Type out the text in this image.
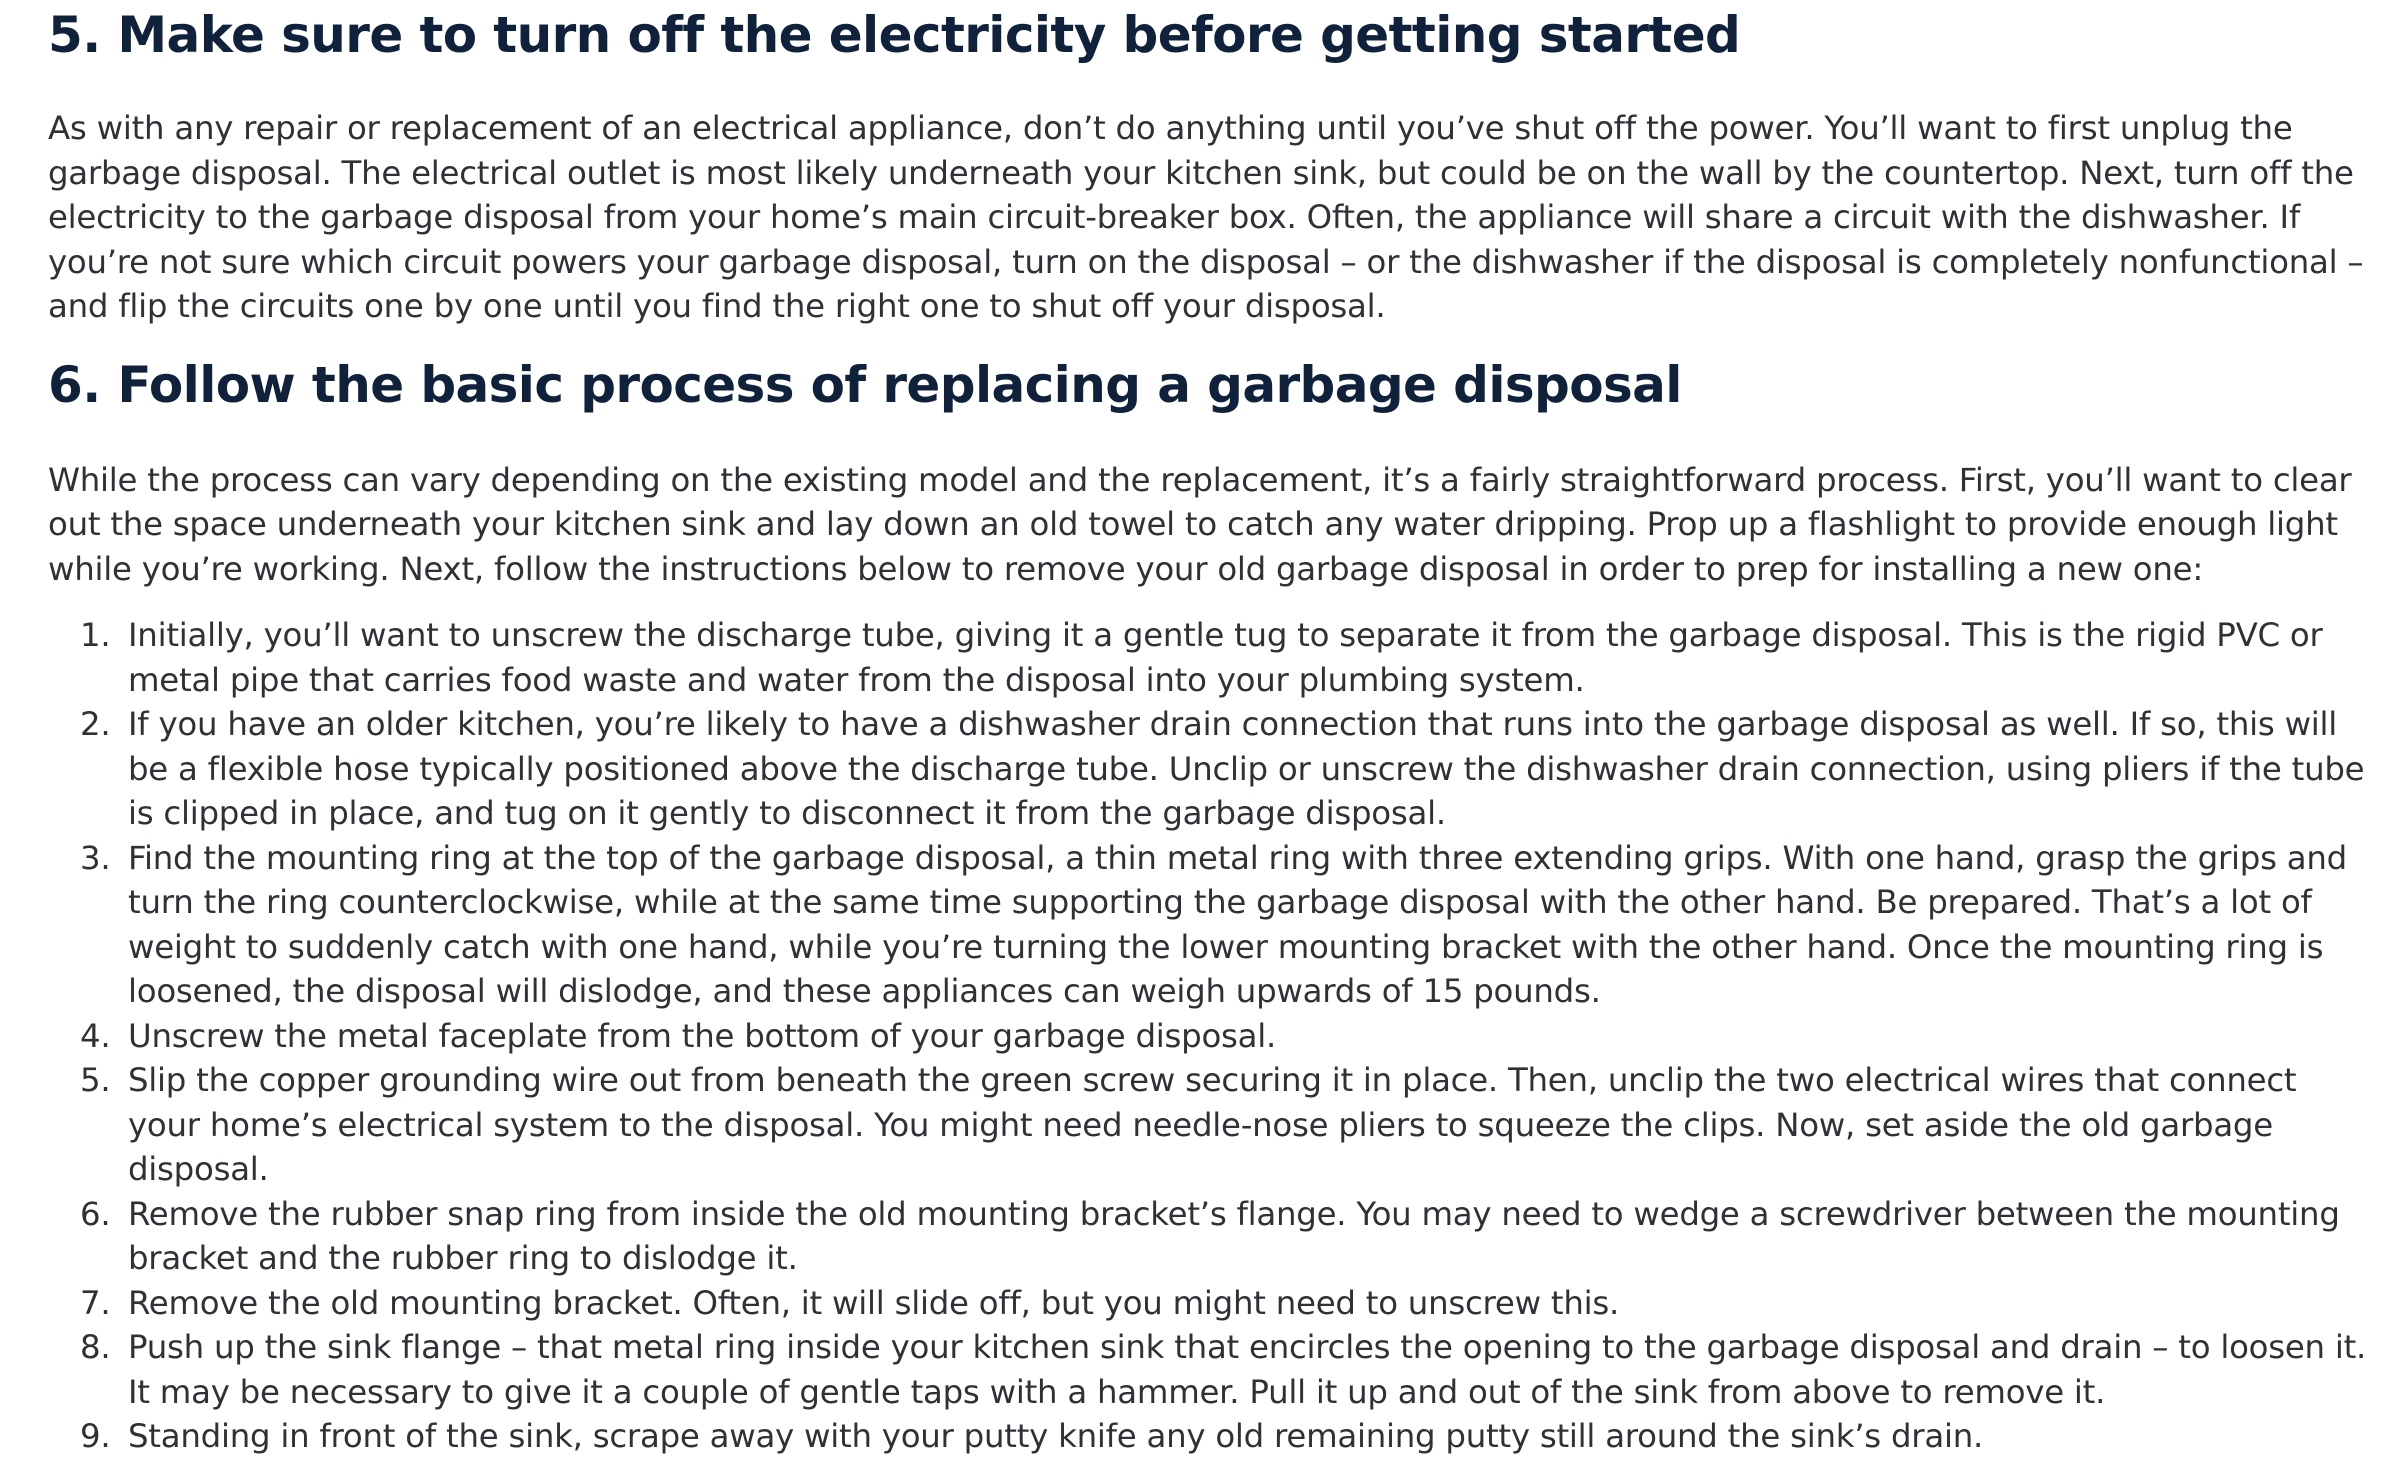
5. Make sure to turn off the electricity before getting started

As with any repair or replacement of an electrical appliance, don’t do anything until you’ve shut off the power. You’ll want to first unplug the garbage disposal. The electrical outlet is most likely underneath your kitchen sink, but could be on the wall by the countertop. Next, turn off the electricity to the garbage disposal from your home’s main circuit-breaker box. Often, the appliance will share a circuit with the dishwasher. If you’re not sure which circuit powers your garbage disposal, turn on the disposal – or the dishwasher if the disposal is completely nonfunctional – and flip the circuits one by one until you find the right one to shut off your disposal.

6. Follow the basic process of replacing a garbage disposal

While the process can vary depending on the existing model and the replacement, it’s a fairly straightforward process. First, you’ll want to clear out the space underneath your kitchen sink and lay down an old towel to catch any water dripping. Prop up a flashlight to provide enough light while you’re working. Next, follow the instructions below to remove your old garbage disposal in order to prep for installing a new one:

1. Initially, you’ll want to unscrew the discharge tube, giving it a gentle tug to separate it from the garbage disposal. This is the rigid PVC or metal pipe that carries food waste and water from the disposal into your plumbing system.
2. If you have an older kitchen, you’re likely to have a dishwasher drain connection that runs into the garbage disposal as well. If so, this will be a flexible hose typically positioned above the discharge tube. Unclip or unscrew the dishwasher drain connection, using pliers if the tube is clipped in place, and tug on it gently to disconnect it from the garbage disposal.
3. Find the mounting ring at the top of the garbage disposal, a thin metal ring with three extending grips. With one hand, grasp the grips and turn the ring counterclockwise, while at the same time supporting the garbage disposal with the other hand. Be prepared. That’s a lot of weight to suddenly catch with one hand, while you’re turning the lower mounting bracket with the other hand. Once the mounting ring is loosened, the disposal will dislodge, and these appliances can weigh upwards of 15 pounds.
4. Unscrew the metal faceplate from the bottom of your garbage disposal.
5. Slip the copper grounding wire out from beneath the green screw securing it in place. Then, unclip the two electrical wires that connect your home’s electrical system to the disposal. You might need needle-nose pliers to squeeze the clips. Now, set aside the old garbage disposal.
6. Remove the rubber snap ring from inside the old mounting bracket’s flange. You may need to wedge a screwdriver between the mounting bracket and the rubber ring to dislodge it.
7. Remove the old mounting bracket. Often, it will slide off, but you might need to unscrew this.
8. Push up the sink flange – that metal ring inside your kitchen sink that encircles the opening to the garbage disposal and drain – to loosen it. It may be necessary to give it a couple of gentle taps with a hammer. Pull it up and out of the sink from above to remove it.
9. Standing in front of the sink, scrape away with your putty knife any old remaining putty still around the sink’s drain.
